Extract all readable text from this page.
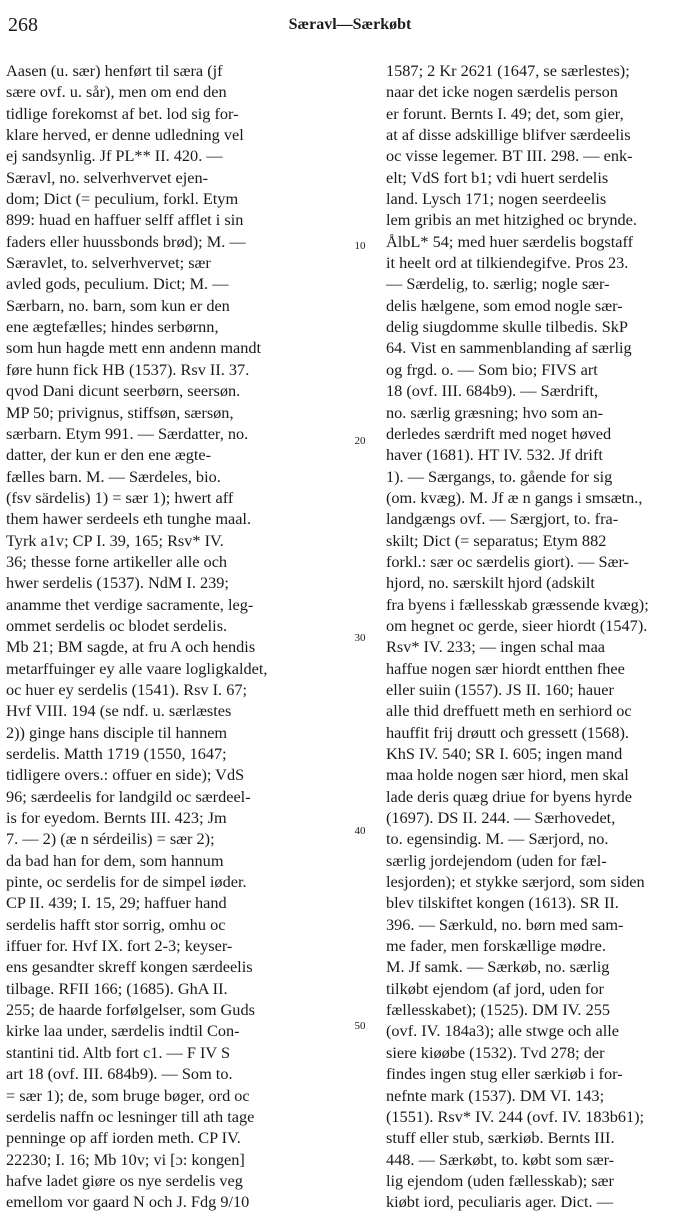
268	Særavl—Særkøbt
Aasen (u. sær) henført til særa (jf
sære ovf. u. sår), men om end den
tidlige forekomst af bet. lod sig for-
klare herved, er denne udledning vel
ej sandsynlig. Jf PL** II. 420. —
Særavl, no. selverhvervet ejen-
dom; Dict (= peculium, forkl. Etym
899: huad en haffuer selff afflet i sin
faders eller huussbonds brød); M. —
Særavlet, to. selverhvervet; sær
avled gods, peculium. Dict; M. —
Særbarn, no. barn, som kun er den
ene ægtefælles; hindes serbørnn,
som hun hagde mett enn andenn mandt
føre hunn fick HB (1537). Rsv II. 37.
qvod Dani dicunt seerbørn, seersøn.
MP 50; privignus, stiffsøn, særsøn,
særbarn. Etym 991. — Særdatter, no.
datter, der kun er den ene ægte-
fælles barn. M. — Særdeles, bio.
(fsv särdelis) 1) = sær 1); hwert aff
them hawer serdeels eth tunghe maal.
Tyrk a1v; CP I. 39, 165; Rsv* IV.
36; thesse forne artikeller alle och
hwer serdelis (1537). NdM I. 239;
anamme thet verdige sacramente, leg-
ommet serdelis oc blodet serdelis.
Mb 21; BM sagde, at fru A och hendis
metarffuinger ey alle vaare logligkaldet,
oc huer ey serdelis (1541). Rsv I. 67;
Hvf VIII. 194 (se ndf. u. særlæstes
2)) ginge hans disciple til hannem
serdelis. Matth 1719 (1550, 1647;
tidligere overs.: offuer en side); VdS
96; særdeelis for landgild oc særdeel-
is for eyedom. Bernts III. 423; Jm
7. — 2) (æ n sérdeilis) = sær 2);
da bad han for dem, som hannum
pinte, oc serdelis for de simpel iøder.
CP II. 439; I. 15, 29; haffuer hand
serdelis hafft stor sorrig, omhu oc
iffuer for. Hvf IX. fort 2-3; keyser-
ens gesandter skreff kongen særdeelis
tilbage. RFII 166; (1685). GhA II.
255; de haarde forfølgelser, som Guds
kirke laa under, særdelis indtil Con-
stantini tid. Altb fort c1. — F IV S
art 18 (ovf. III. 684b9). — Som to.
= sær 1); de, som bruge bøger, ord oc
serdelis naffn oc lesninger till ath tage
penninge op aff iorden meth. CP IV.
22230; I. 16; Mb 10v; vi [ɔ: kongen]
hafve ladet giøre os nye serdelis veg
emellom vor gaard N och J. Fdg 9/10
1587; 2 Kr 2621 (1647, se særlestes);
naar det icke nogen særdelis person
er forunt. Bernts I. 49; det, som gier,
at af disse adskillige blifver særdeelis
oc visse legemer. BT III. 298. — enk-
elt; VdS fort b1; vdi huert serdelis
land. Lysch 171; nogen seerdeelis
lem gribis an met hitzighed oc brynde.
ÅlbL* 54; med huer særdelis bogstaff
it heelt ord at tilkiendegifve. Pros 23.
— Særdelig, to. særlig; nogle sær-
delis hælgene, som emod nogle sær-
delig siugdomme skulle tilbedis. SkP
64. Vist en sammenblanding af særlig
og frgd. o. — Som bio; FIVS art
18 (ovf. III. 684b9). — Særdrift,
no. særlig græsning; hvo som an-
derledes særdrift med noget høved
haver (1681). HT IV. 532. Jf drift
1). — Særgangs, to. gående for sig
(om. kvæg). M. Jf æ n gangs i smsætn.,
landgængs ovf. — Særgjort, to. fra-
skilt; Dict (= separatus; Etym 882
forkl.: sær oc særdelis giort). — Sær-
hjord, no. særskilt hjord (adskilt
fra byens i fællesskab græssende kvæg);
om hegnet oc gerde, sieer hiordt (1547).
Rsv* IV. 233; — ingen schal maa
haffue nogen sær hiordt entthen fhee
eller suiin (1557). JS II. 160; hauer
alle thid dreffuett meth en serhiord oc
hauffit frij drøutt och gressett (1568).
KhS IV. 540; SR I. 605; ingen mand
maa holde nogen sær hiord, men skal
lade deris quæg driue for byens hyrde
(1697). DS II. 244. — Særhovedet,
to. egensindig. M. — Særjord, no.
særlig jordejendom (uden for fæl-
lesjorden); et stykke særjord, som siden
blev tilskiftet kongen (1613). SR II.
396. — Særkuld, no. børn med sam-
me fader, men forskællige mødre.
M. Jf samk. — Særkøb, no. særlig
tilkøbt ejendom (af jord, uden for
fællesskabet); (1525). DM IV. 255
(ovf. IV. 184a3); alle stwge och alle
siere kiøøbe (1532). Tvd 278; der
findes ingen stug eller særkiøb i for-
nefnte mark (1537). DM VI. 143;
(1551). Rsv* IV. 244 (ovf. IV. 183b61);
stuff eller stub, særkiøb. Bernts III.
448. — Særkøbt, to. købt som sær-
lig ejendom (uden fællesskab); sær
kiøbt iord, peculiaris ager. Dict. —
10
20
30
40
50
